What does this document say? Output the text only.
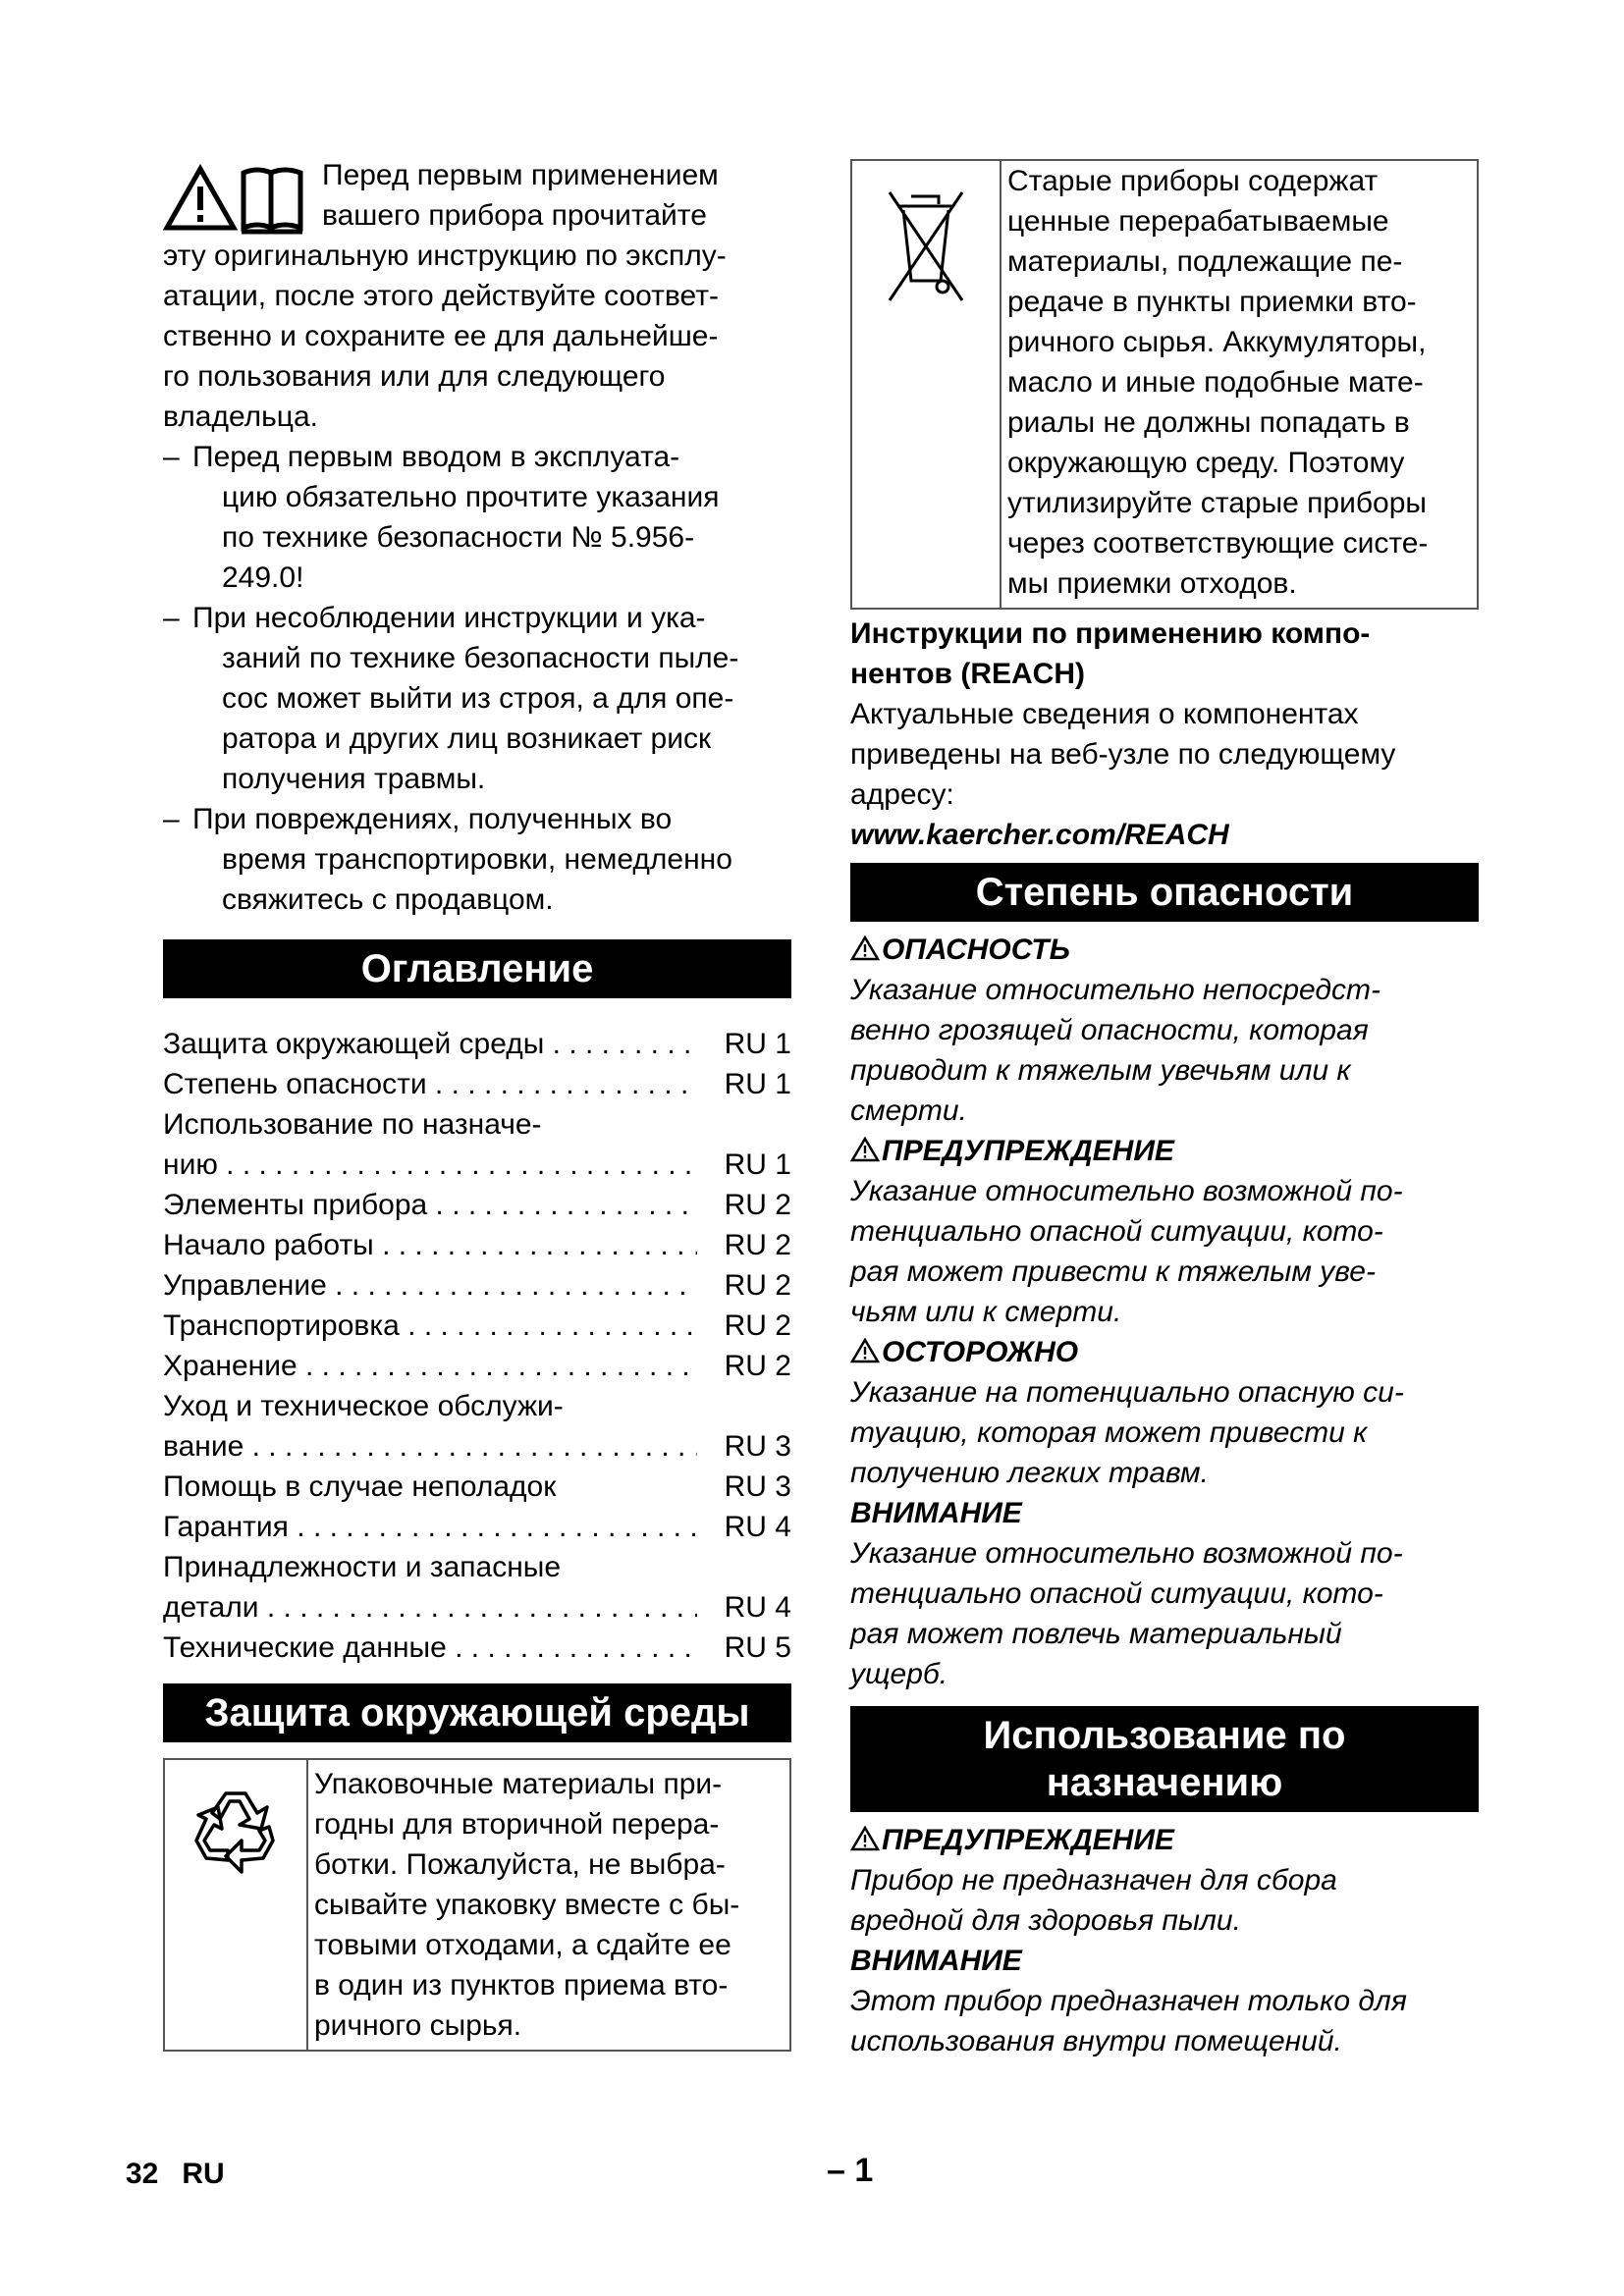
Перед первым применением

вашего прибора прочитайте

эту оригинальную инструкцию по эксплу-

атации, после этого действуйте соответ-

ственно и сохраните ее для дальнейше-

го пользования или для следующего

владельца.

– Перед первым вводом в эксплуата-
цию обязательно прочтите указания
по технике безопасности № 5.956-
249.0!
– При несоблюдении инструкции и ука-
заний по технике безопасности пыле-
сос может выйти из строя, а для опе-
ратора и других лиц возникает риск
получения травмы.
– При повреждениях, полученных во
время транспортировки, немедленно
свяжитесь с продавцом.
Оглавление
Защита окружающей среды . . .	RU 1
Степень опасности . . .	RU 1
Использование по назначе-
нию . . .	RU 1
Элементы прибора . . .	RU 2
Начало работы . . .	RU 2
Управление . . .	RU 2
Транспортировка . . .	RU 2
Хранение . . .	RU 2
Уход и техническое обслужи-
вание . . .	RU 3
Помощь в случае неполадок	RU 3
Гарантия . . .	RU 4
Принадлежности и запасные
детали . . .	RU 4
Технические данные . . .	RU 5
Защита окружающей среды
Упаковочные материалы при-
годны для вторичной перера-
ботки. Пожалуйста, не выбра-
сывайте упаковку вместе с бы-
товыми отходами, а сдайте ее
в один из пунктов приема вто-
ричного сырья.
Старые приборы содержат
ценные перерабатываемые
материалы, подлежащие пе-
редаче в пункты приемки вто-
ричного сырья. Аккумуляторы,
масло и иные подобные мате-
риалы не должны попадать в
окружающую среду. Поэтому
утилизируйте старые приборы
через соответствующие систе-
мы приемки отходов.

Инструкции по применению компо-

нентов (REACH)

Актуальные сведения о компонентах

приведены на веб-узле по следующему

адресу:

www.kaercher.com/REACH

Степень опасности

ОПАСНОСТЬ

Указание относительно непосредст-

венно грозящей опасности, которая

приводит к тяжелым увечьям или к

смерти.

ПРЕДУПРЕЖДЕНИЕ

Указание относительно возможной по-

тенциально опасной ситуации, кото-

рая может привести к тяжелым уве-

чьям или к смерти.

ОСТОРОЖНО

Указание на потенциально опасную си-

туацию, которая может привести к

получению легких травм.

ВНИМАНИЕ

Указание относительно возможной по-

тенциально опасной ситуации, кото-

рая может повлечь материальный

ущерб.

Использование по
назначению

ПРЕДУПРЕЖДЕНИЕ

Прибор не предназначен для сбора

вредной для здоровья пыли.

ВНИМАНИЕ

Этот прибор предназначен только для

использования внутри помещений.

32 RU	– 1
